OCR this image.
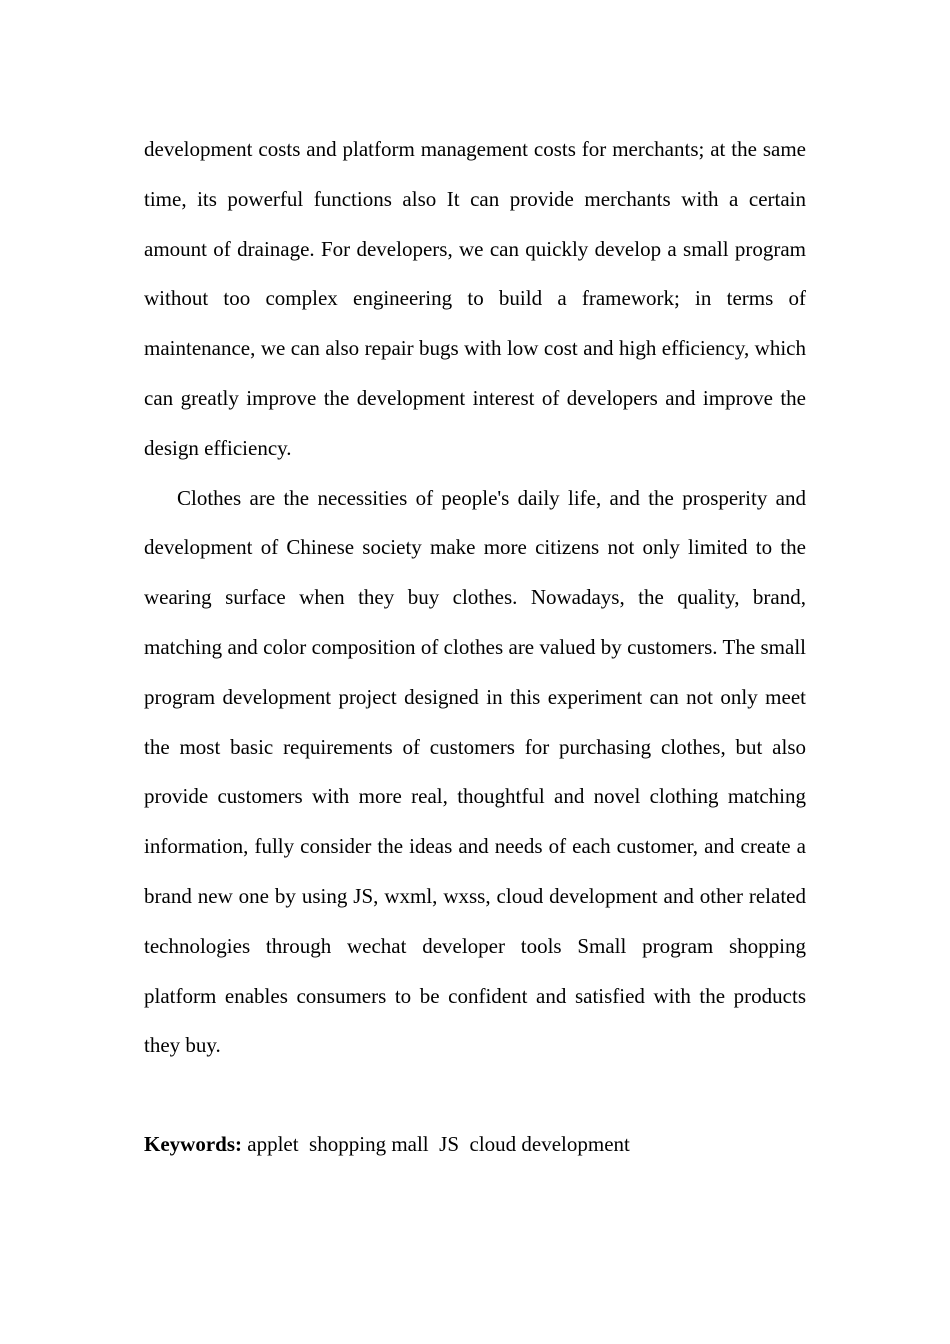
development costs and platform management costs for merchants; at the same time, its powerful functions also It can provide merchants with a certain amount of drainage. For developers, we can quickly develop a small program without too complex engineering to build a framework; in terms of maintenance, we can also repair bugs with low cost and high efficiency, which can greatly improve the development interest of developers and improve the design efficiency.

Clothes are the necessities of people's daily life, and the prosperity and development of Chinese society make more citizens not only limited to the wearing surface when they buy clothes. Nowadays, the quality, brand, matching and color composition of clothes are valued by customers. The small program development project designed in this experiment can not only meet the most basic requirements of customers for purchasing clothes, but also provide customers with more real, thoughtful and novel clothing matching information, fully consider the ideas and needs of each customer, and create a brand new one by using JS, wxml, wxss, cloud development and other related technologies through wechat developer tools Small program shopping platform enables consumers to be confident and satisfied with the products they buy.

Keywords: applet  shopping mall  JS  cloud development
